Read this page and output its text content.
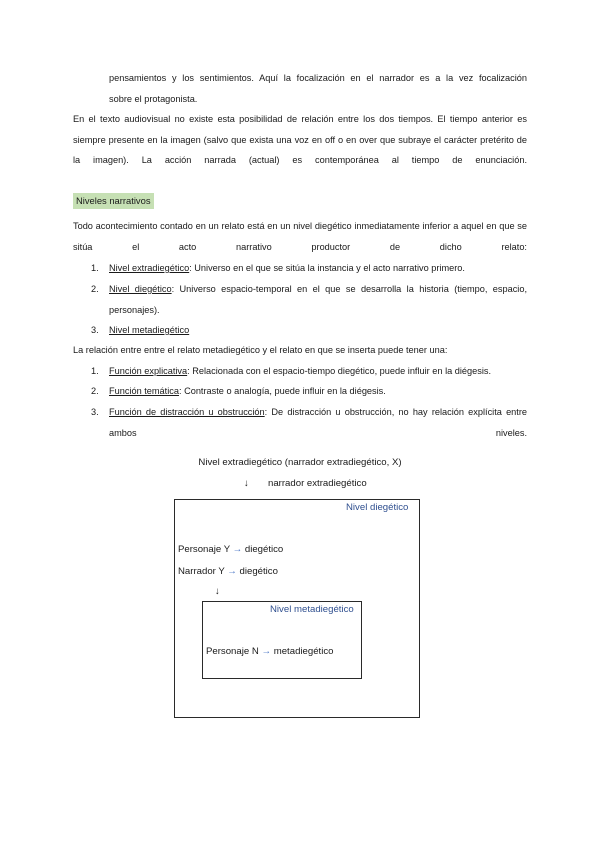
pensamientos y los sentimientos. Aquí la focalización en el narrador es a la vez focalización
sobre el protagonista.
En el texto audiovisual no existe esta posibilidad de relación entre los dos tiempos. El tiempo anterior es siempre presente en la imagen (salvo que exista una voz en off o en over que subraye el carácter pretérito de la imagen). La acción narrada (actual) es contemporánea al tiempo de enunciación.
Niveles narrativos
Todo acontecimiento contado en un relato está en un nivel diegético inmediatamente inferior a aquel en que se sitúa el acto narrativo productor de dicho relato:
1. Nivel extradiegético: Universo en el que se sitúa la instancia y el acto narrativo primero.
2. Nivel diegético: Universo espacio-temporal en el que se desarrolla la historia (tiempo, espacio, personajes).
3. Nivel metadiegético
La relación entre entre el relato metadiegético y el relato en que se inserta puede tener una:
1. Función explicativa: Relacionada con el espacio-tiempo diegético, puede influir en la diégesis.
2. Función temática: Contraste o analogía, puede influir en la diégesis.
3. Función de distracción u obstrucción: De distracción u obstrucción, no hay relación explícita entre ambos niveles.
Nivel extradiegético (narrador extradiegético, X)
↓ narrador extradiegético
Nivel diegético
Personaje Y → diegético
Narrador Y → diegético
↓
Nivel metadiegético
Personaje N → metadiegético
